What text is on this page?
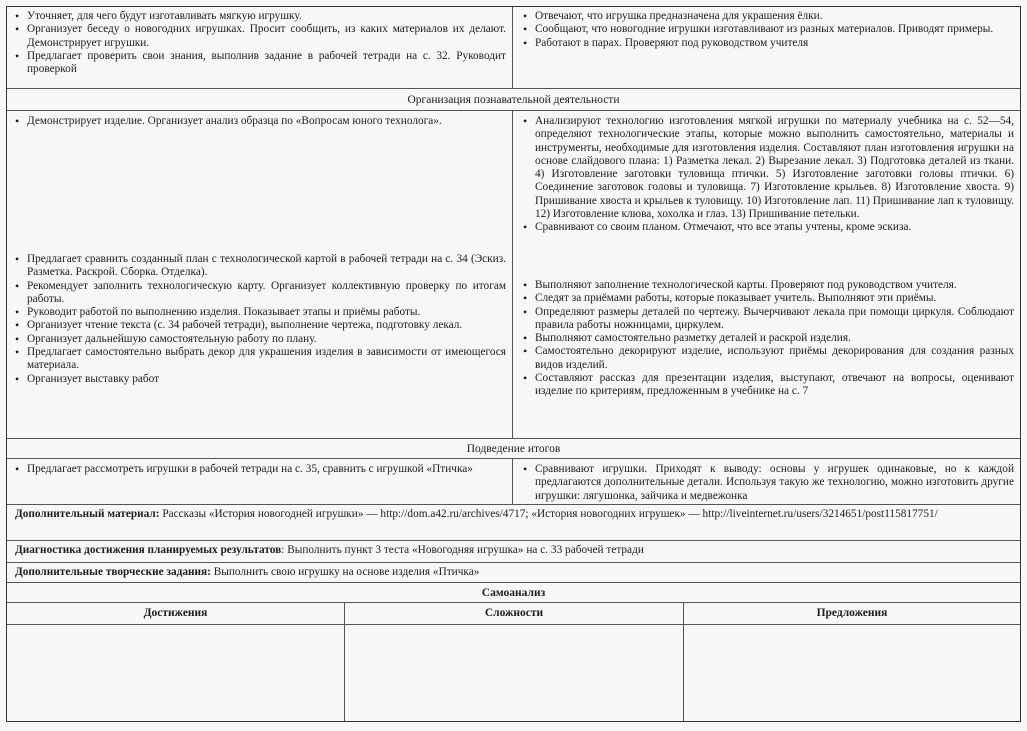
• Уточняет, для чего будут изготавливать мягкую игрушку.
• Организует беседу о новогодних игрушках. Просит сообщить, из каких материалов их делают. Демонстрирует игрушки.
• Предлагает проверить свои знания, выполнив задание в рабочей тетради на с. 32. Руководит проверкой
• Отвечают, что игрушка предназначена для украшения ёлки.
• Сообщают, что новогодние игрушки изготавливают из разных материалов. Приводят примеры.
• Работают в парах. Проверяют под руководством учителя
Организация познавательной деятельности
• Демонстрирует изделие. Организует анализ образца по «Вопросам юного технолога».
• Предлагает сравнить созданный план с технологической картой в рабочей тетради на с. 34 (Эскиз. Разметка. Раскрой. Сборка. Отделка).
• Рекомендует заполнить технологическую карту. Организует коллективную проверку по итогам работы.
• Руководит работой по выполнению изделия. Показывает этапы и приёмы работы.
• Организует чтение текста (с. 34 рабочей тетради), выполнение чертежа, подготовку лекал.
• Организует дальнейшую самостоятельную работу по плану.
• Предлагает самостоятельно выбрать декор для украшения изделия в зависимости от имеющегося материала.
• Организует выставку работ
• Анализируют технологию изготовления мягкой игрушки по материалу учебника на с. 52—54, определяют технологические этапы, которые можно выполнить самостоятельно, материалы и инструменты, необходимые для изготовления изделия. Составляют план изготовления игрушки на основе слайдового плана: 1) Разметка лекал. 2) Вырезание лекал. 3) Подготовка деталей из ткани. 4) Изготовление заготовки туловища птички. 5) Изготовление заготовки головы птички. 6) Соединение заготовок головы и туловища. 7) Изготовление крыльев. 8) Изготовление хвоста. 9) Пришивание хвоста и крыльев к туловищу. 10) Изготовление лап. 11) Пришивание лап к туловищу. 12) Изготовление клюва, хохолка и глаз. 13) Пришивание петельки.
• Сравнивают со своим планом. Отмечают, что все этапы учтены, кроме эскиза.
• Выполняют заполнение технологической карты. Проверяют под руководством учителя.
• Следят за приёмами работы, которые показывает учитель. Выполняют эти приёмы.
• Определяют размеры деталей по чертежу. Вычерчивают лекала при помощи циркуля. Соблюдают правила работы ножницами, циркулем.
• Выполняют самостоятельно разметку деталей и раскрой изделия.
• Самостоятельно декорируют изделие, используют приёмы декорирования для создания разных видов изделий.
• Составляют рассказ для презентации изделия, выступают, отвечают на вопросы, оценивают изделие по критериям, предложенным в учебнике на с. 7
Подведение итогов
• Предлагает рассмотреть игрушки в рабочей тетради на с. 35, сравнить с игрушкой «Птичка»
•	Сравнивают игрушки. Приходят к выводу: основы у игрушек одинаковые, но к каждой предлагаются дополнительные детали. Используя такую же технологию, можно изготовить другие игрушки: лягушонка, зайчика и медвежонка
Дополнительный материал: Рассказы «История новогодней игрушки» — http://dom.a42.ru/archives/4717; «История новогодних игрушек» — http://liveinternet.ru/users/3214651/post115817751/
Диагностика достижения планируемых результатов: Выполнить пункт 3 теста «Новогодняя игрушка» на с. 33 рабочей тетради
Дополнительные творческие задания: Выполнить свою игрушку на основе изделия «Птичка»
Самоанализ
Достижения	Сложности	Предложения
